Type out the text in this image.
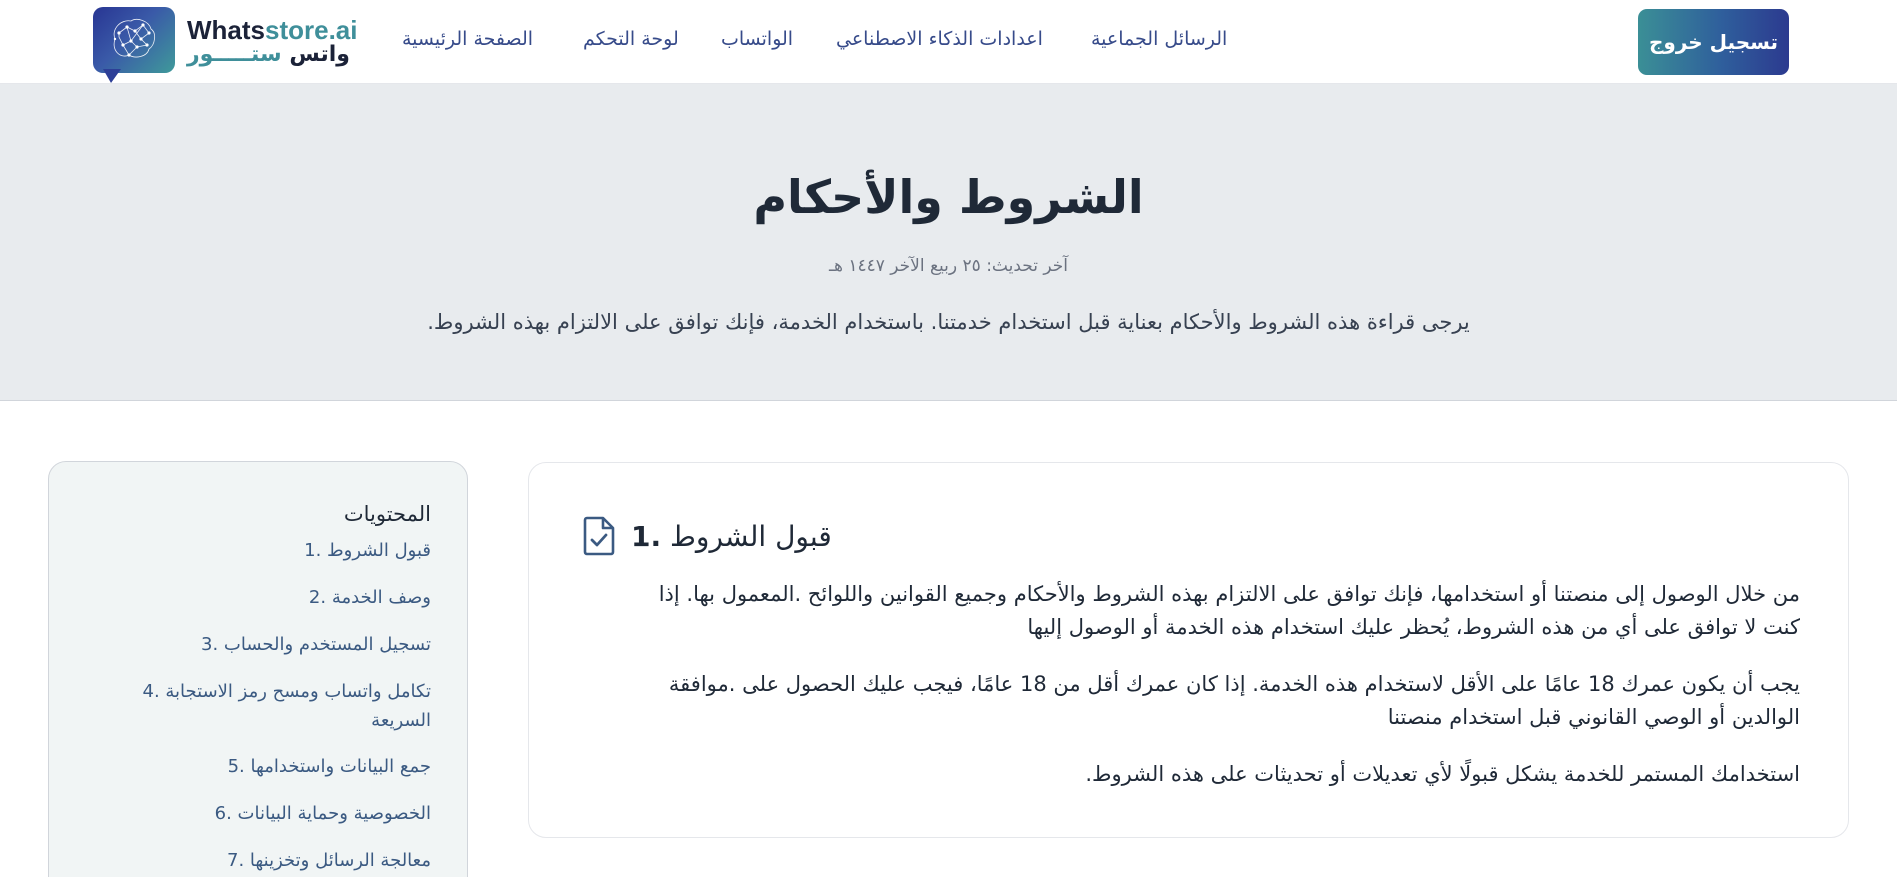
Whatsstore.ai
واتس ستـــــور
الرسائل الجماعية
اعدادات الذكاء الاصطناعي
الواتساب
لوحة التحكم
الصفحة الرئيسية	تسجيل خروج
الشروط والأحكام
آخر تحديث: ٢٥ ربيع الآخر ١٤٤٧ هـ

.يرجى قراءة هذه الشروط والأحكام بعناية قبل استخدام خدمتنا. باستخدام الخدمة، فإنك توافق على الالتزام بهذه الشروط

المحتويات
قبول الشروط .1
وصف الخدمة .2
تسجيل المستخدم والحساب .3
تكامل واتساب ومسح رمز الاستجابة .4 السريعة
جمع البيانات واستخدامها .5
الخصوصية وحماية البيانات .6
معالجة الرسائل وتخزينها .7
1. قبول الشروط

من خلال الوصول إلى منصتنا أو استخدامها، فإنك توافق على الالتزام بهذه الشروط والأحكام وجميع القوانين واللوائح .المعمول بها. إذا كنت لا توافق على أي من هذه الشروط، يُحظر عليك استخدام هذه الخدمة أو الوصول إليها

يجب أن يكون عمرك 18 عامًا على الأقل لاستخدام هذه الخدمة. إذا كان عمرك أقل من 18 عامًا، فيجب عليك الحصول على .موافقة الوالدين أو الوصي القانوني قبل استخدام منصتنا

.استخدامك المستمر للخدمة يشكل قبولًا لأي تعديلات أو تحديثات على هذه الشروط
